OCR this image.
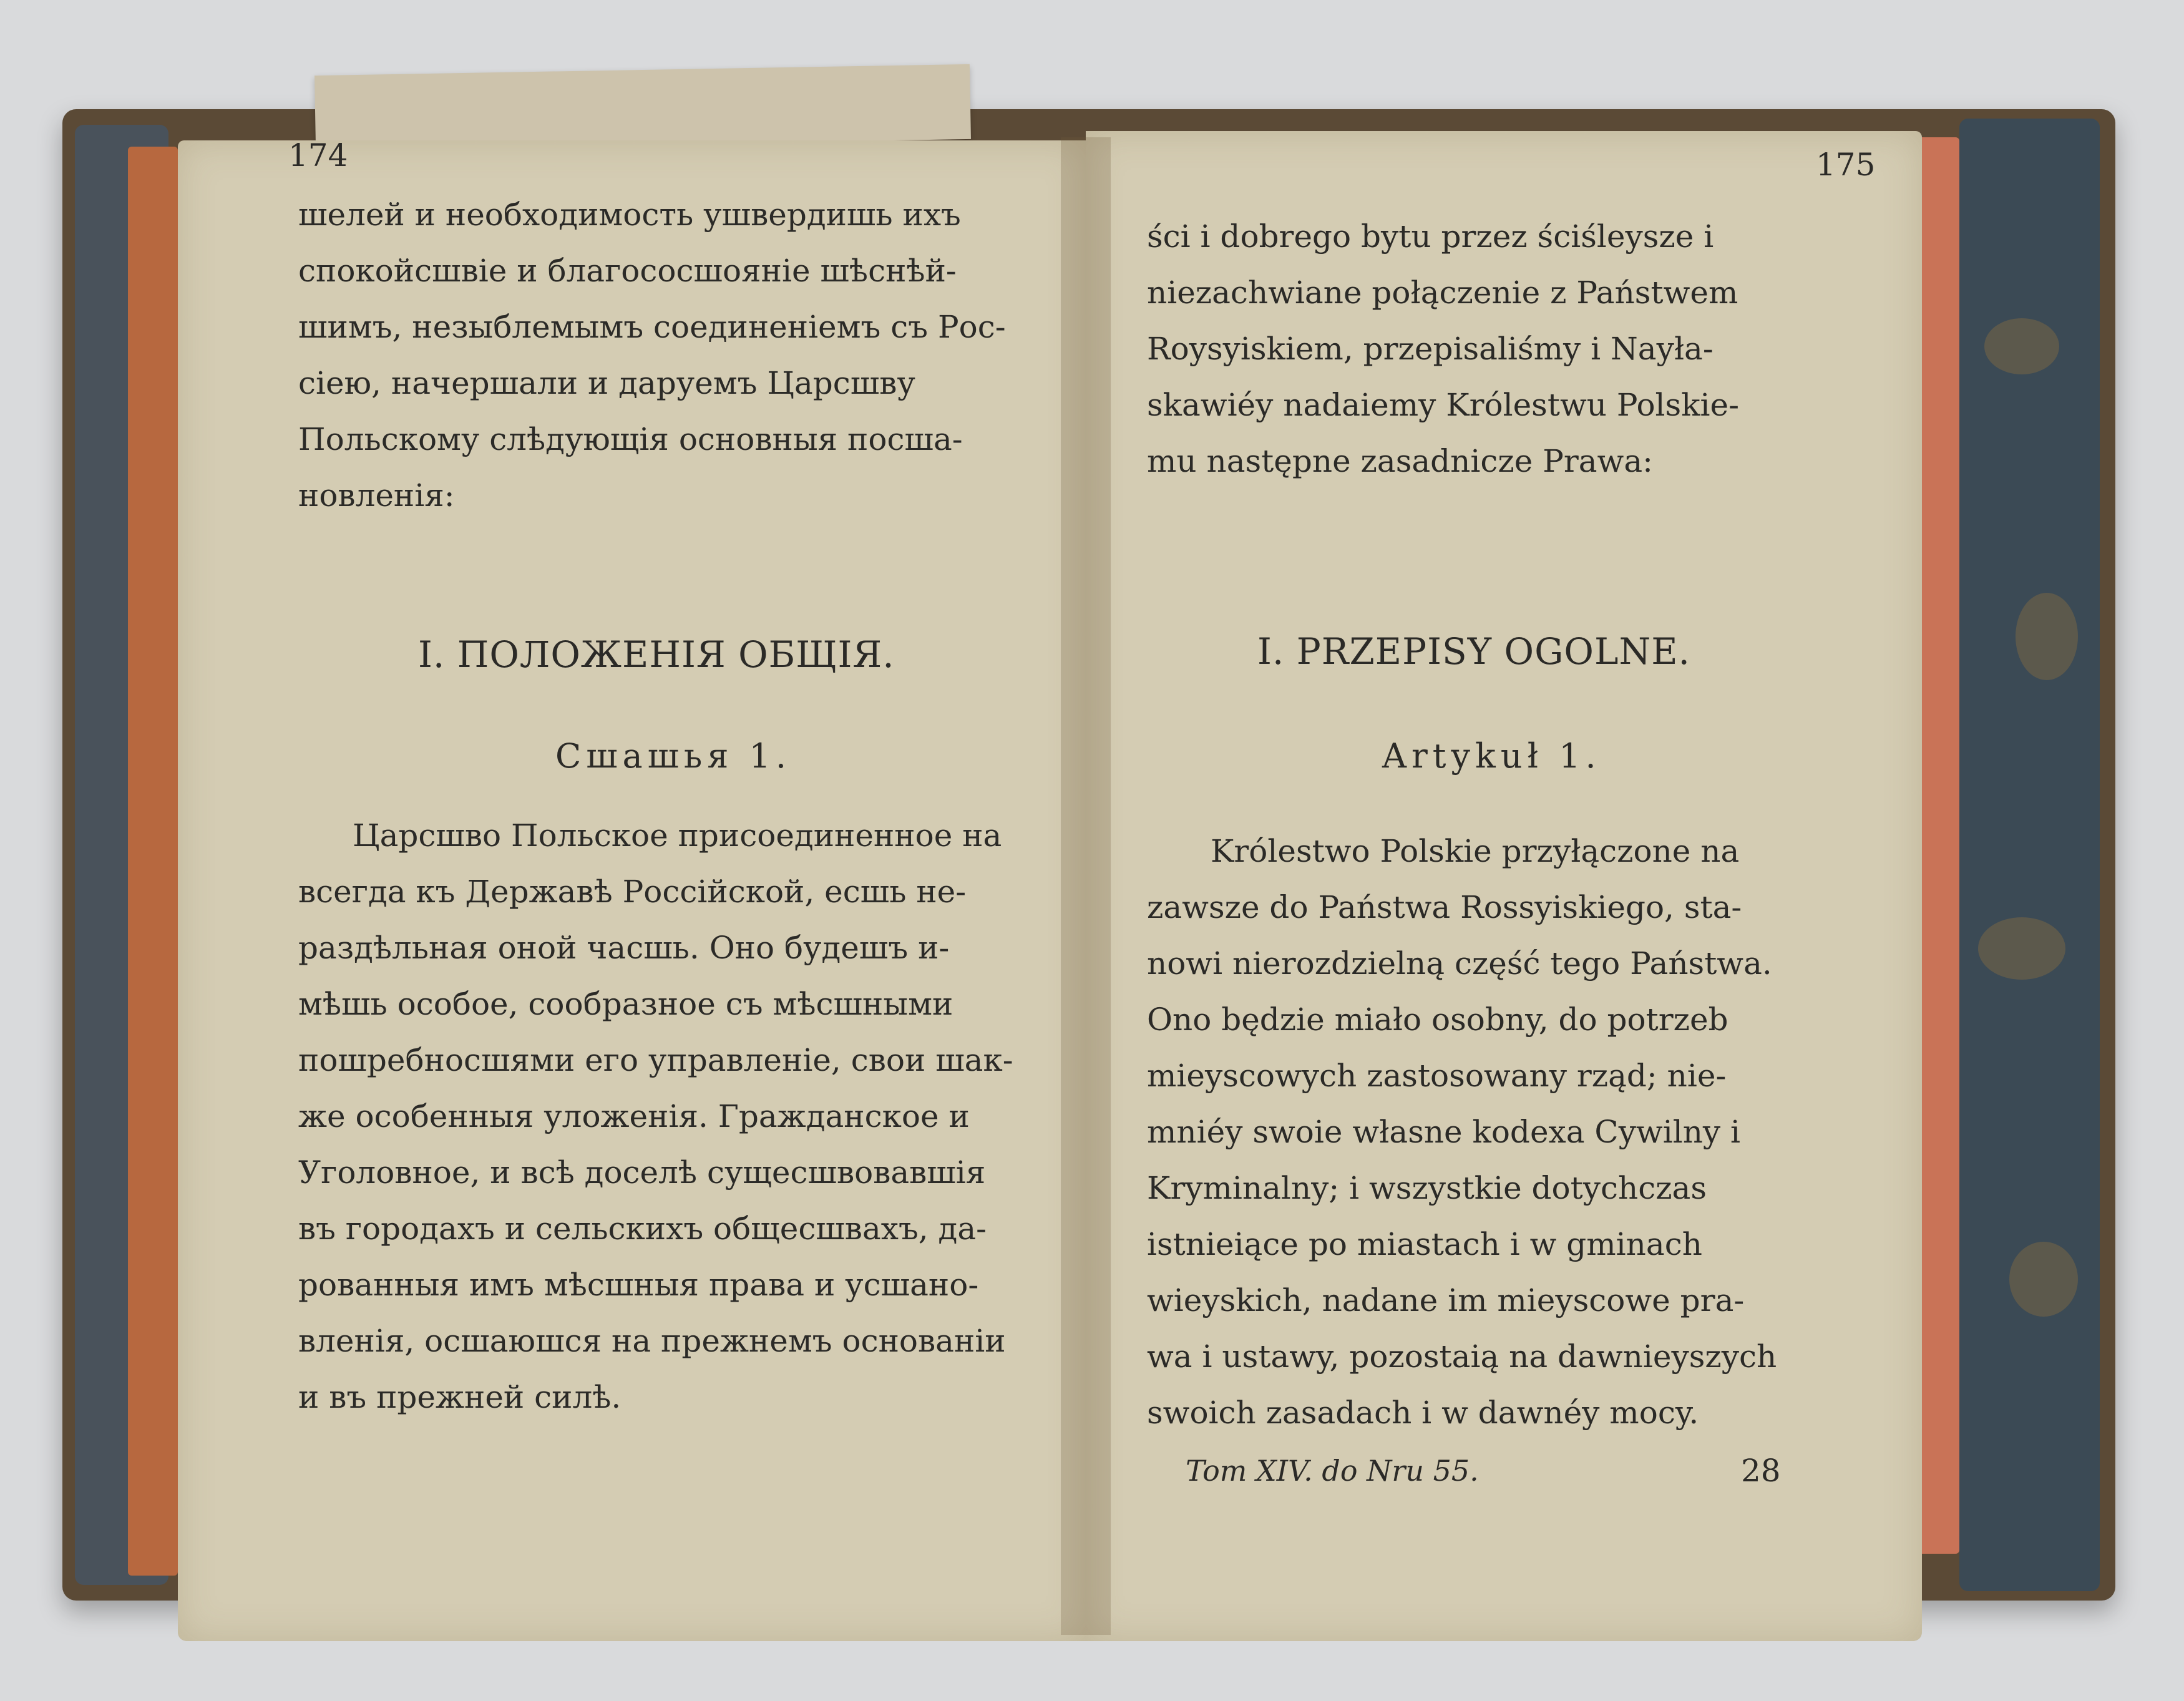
174

шелей и необходимость ушвердишь ихъ

спокойсшвіе и благососшояніе шѣснѣй-

шимъ, незыблемымъ соединеніемъ съ Рос-

сіею, начершали и даруемъ Царсшву

Польскому слѣдующія основныя посша-

новленія:

I. ПОЛОЖЕНІЯ ОБЩІЯ.

Сшашья 1.

Царсшво Польское присоединенное на

всегда къ Державѣ Россійской, есшь не-

раздѣльная оной часшь. Оно будешъ и-

мѣшь особое, сообразное съ мѣсшными

пошребносшями его управленіе, свои шак-

же особенныя уложенія. Гражданское и

Уголовное, и всѣ доселѣ сущесшвовавшія

въ городахъ и сельскихъ общесшвахъ, да-

рованныя имъ мѣсшныя права и усшано-

вленія, осшаюшся на прежнемъ основаніи

и въ прежней силѣ.

175

ści i dobrego bytu przez ściśleysze i

niezachwiane połączenie z Państwem

Roysyiskiem, przepisaliśmy i Nayła-

skawiéy nadaiemy Królestwu Polskie-

mu następne zasadnicze Prawa:

I. PRZEPISY OGOLNE.

Artykuł 1.

Królestwo Polskie przyłączone na

zawsze do Państwa Rossyiskiego, sta-

nowi nierozdzielną część tego Państwa.

Ono będzie miało osobny, do potrzeb

mieyscowych zastosowany rząd; nie-

mniéy swoie własne kodexa Cywilny i

Kryminalny; i wszystkie dotychczas

istnieiące po miastach i w gminach

wieyskich, nadane im mieyscowe pra-

wa i ustawy, pozostaią na dawnieyszych

swoich zasadach i w dawnéy mocy.

Tom XIV. do Nru 55.	28
